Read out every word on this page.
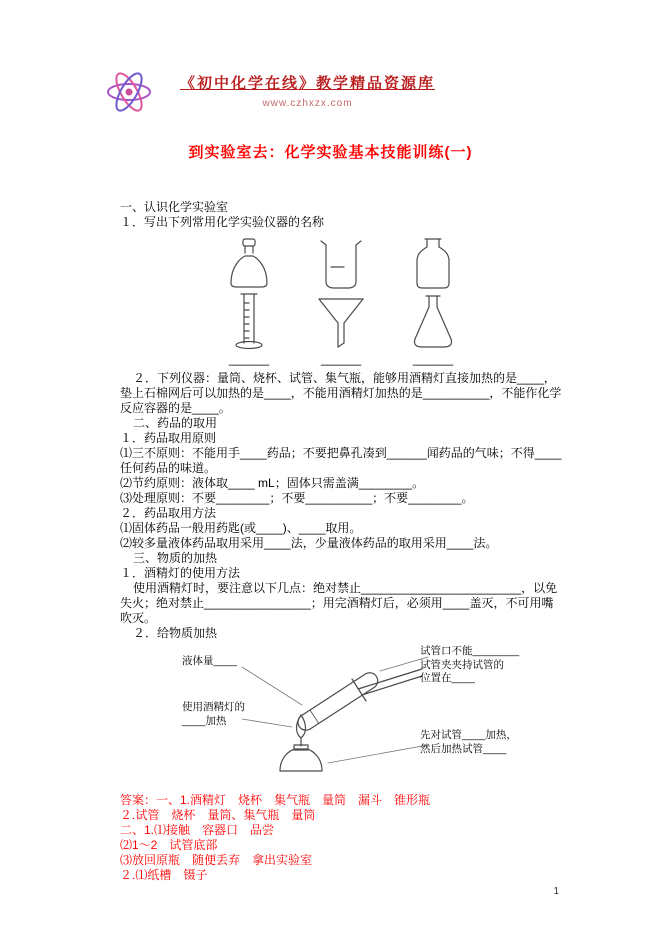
《初中化学在线》教学精品资源库
www.czhxzx.com
到实验室去：化学实验基本技能训练(一)

一、认识化学实验室

１．写出下列常用化学实验仪器的名称

______	______	______

２．下列仪器：量筒、烧杯、试管、集气瓶，能够用酒精灯直接加热的是____，垫上石棉网后可以加热的是____，不能用酒精灯加热的是__________，不能作化学反应容器的是____。

二、药品的取用

１．药品取用原则

⑴三不原则：不能用手____药品；不要把鼻孔凑到______闻药品的气味；不得____任何药品的味道。

⑵节约原则：液体取____ mL；固体只需盖满________。

⑶处理原则：不要________；不要__________；不要________。

２．药品取用方法

⑴固体药品一般用药匙(或____)、____取用。

⑵较多量液体药品取用采用____法，少量液体药品的取用采用____法。

三、物质的加热

１．酒精灯的使用方法

使用酒精灯时，要注意以下几点：绝对禁止________________________，以免失火；绝对禁止________________；用完酒精灯后，必须用____盖灭，不可用嘴吹灭。

２．给物质加热

液体量____
使用酒精灯的
____加热
试管口不能________
试管夹夹持试管的
位置在____
先对试管____加热，
然后加热试管____

答案：一、1.酒精灯　烧杯　集气瓶　量筒　漏斗　锥形瓶

２.试管　烧杯　量筒、集气瓶　量筒

二、1.⑴接触　容器口　品尝

⑵1～2　试管底部

⑶放回原瓶　随便丢弃　拿出实验室

２.⑴纸槽　镊子

1
